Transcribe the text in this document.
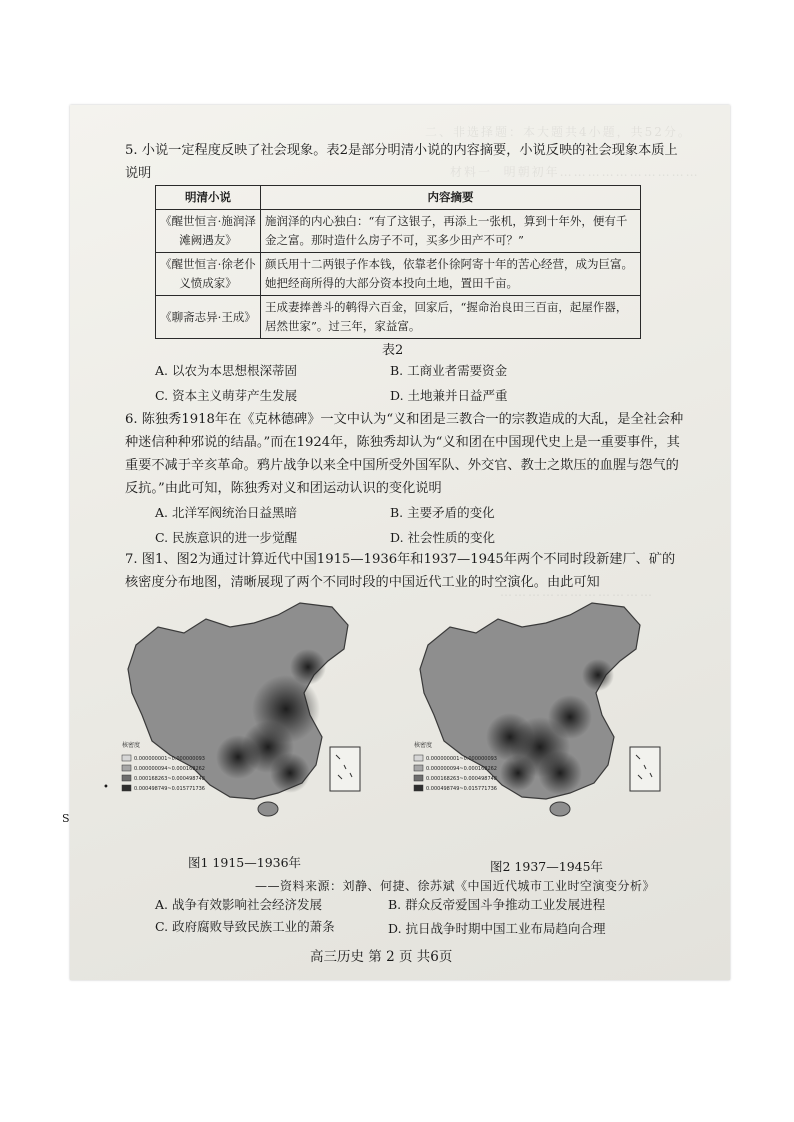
二、非选择题：本大题共4小题，共52分。
材料一  明朝初年…………………………
……………………………
5. 小说一定程度反映了社会现象。表2是部分明清小说的内容摘要，小说反映的社会现象本质上说明
明清小说	内容摘要
《醒世恒言·施润泽滩阙遇友》	施润泽的内心独白：“有了这银子，再添上一张机，算到十年外，便有千金之富。那时造什么房子不可，买多少田产不可？”
《醒世恒言·徐老仆义愤成家》	颜氏用十二两银子作本钱，依靠老仆徐阿寄十年的苦心经营，成为巨富。她把经商所得的大部分资本投向土地，置田千亩。
《聊斋志异·王成》	王成妻捧善斗的鹌得六百金，回家后，“握命治良田三百亩，起屋作器，居然世家”。过三年，家益富。
表2
A. 以农为本思想根深蒂固	B. 工商业者需要资金
C. 资本主义萌芽产生发展	D. 土地兼并日益严重
6. 陈独秀1918年在《克林德碑》一文中认为“义和团是三教合一的宗教造成的大乱，是全社会种种迷信种种邪说的结晶。”而在1924年，陈独秀却认为“义和团在中国现代史上是一重要事件，其重要不减于辛亥革命。鸦片战争以来全中国所受外国军队、外交官、教士之欺压的血腥与怨气的反抗。”由此可知，陈独秀对义和团运动认识的变化说明
A. 北洋军阀统治日益黑暗	B. 主要矛盾的变化
C. 民族意识的进一步觉醒	D. 社会性质的变化
7. 图1、图2为通过计算近代中国1915—1936年和1937—1945年两个不同时段新建厂、矿的核密度分布地图，清晰展现了两个不同时段的中国近代工业的时空演化。由此可知
核密度
0.000000001~0.000000093
0.000000094~0.000168262
0.000168263~0.000498748
0.000498749~0.015771736
核密度
0.000000001~0.000000093
0.000000094~0.000168262
0.000168263~0.000498748
0.000498749~0.015771736
图1 1915—1936年	图2 1937—1945年
——资料来源：刘静、何捷、徐苏斌《中国近代城市工业时空演变分析》
A. 战争有效影响社会经济发展	B. 群众反帝爱国斗争推动工业发展进程
C. 政府腐败导致民族工业的萧条	D. 抗日战争时期中国工业布局趋向合理
高三历史 第 2 页 共6页
S
•
